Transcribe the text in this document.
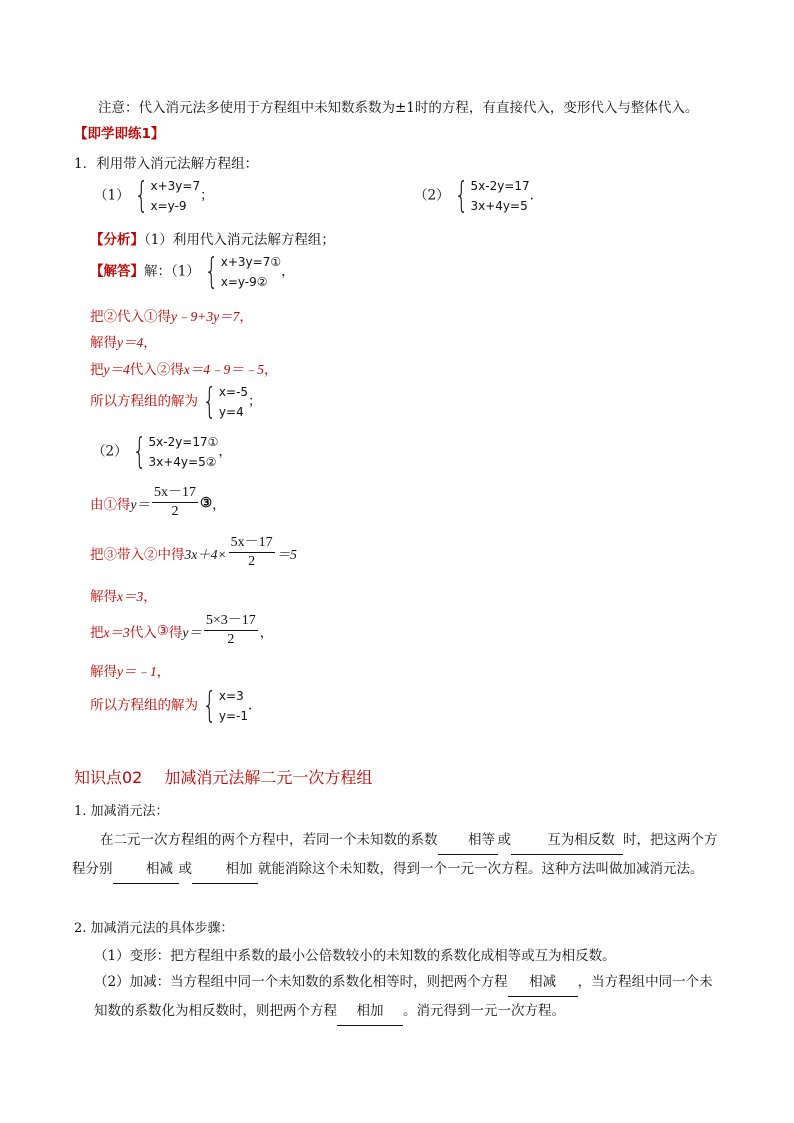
注意：代入消元法多使用于方程组中未知数系数为±1时的方程，有直接代入，变形代入与整体代入。
【即学即练1】
1．利用带入消元法解方程组：
（1） { x+3y=7
x=y-9
；	（2） { 5x-2y=17
3x+4y=5
.
【分析】（1）利用代入消元法解方程组；
【解答】解：（1） { x+3y=7①
x=y-9②
，
把②代入①得y﹣9+3y＝7，
解得y＝4，
把y＝4代入②得x＝4﹣9＝﹣5，
所以方程组的解为 { x=-5
y=4
；
（2） { 5x-2y=17①
3x+4y=5②
，
由①得 $y= \frac{5x-17}{2}$ ③ ，
把③带入②中得 $3x+4\times \frac{5x-17}{2} =5$
解得x＝3，
把 x＝3 代入 ③ 得 $y= \frac{5\times 3-17}{2}$ ，
解得y＝﹣1，
所以方程组的解为 { x=3
y=-1
.
知识点02 加减消元法解二元一次方程组
1. 加减消元法：
在二元一次方程组的两个方程中，若同一个未知数的系数 相等 或	互为相反数 时，把这两个方程分别 相减 或 相加 就能消除这个未知数，得到一个一元一次方程。这种方法叫做加减消元法。
2. 加减消元法的具体步骤：
（1）变形：把方程组中系数的最小公倍数较小的未知数的系数化成相等或互为相反数。
（2）加减：当方程组中同一个未知数的系数化相等时，则把两个方程 相减 ，当方程组中同一个未知数的系数化为相反数时，则把两个方程 相加 。消元得到一元一次方程。
